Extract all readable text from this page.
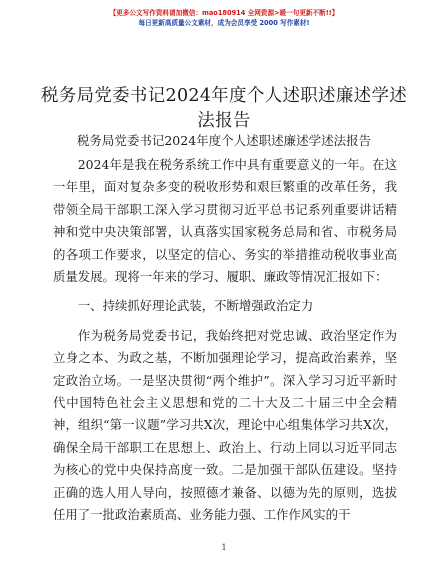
【更多公文写作资料请加微信：mao180914 全网资源>暖一句更新不断!!】
每日更新高质量公文素材，成为会员享受 2000 写作素材!
税务局党委书记2024年度个人述职述廉述学述法报告
税务局党委书记2024年度个人述职述廉述学述法报告

2024年是我在税务系统工作中具有重要意义的一年。在这一年里，面对复杂多变的税收形势和艰巨繁重的改革任务，我带领全局干部职工深入学习贯彻习近平总书记系列重要讲话精神和党中央决策部署，认真落实国家税务总局和省、市税务局的各项工作要求，以坚定的信心、务实的举措推动税收事业高质量发展。现将一年来的学习、履职、廉政等情况汇报如下：

一、持续抓好理论武装，不断增强政治定力

作为税务局党委书记，我始终把对党忠诚、政治坚定作为立身之本、为政之基，不断加强理论学习，提高政治素养，坚定政治立场。一是坚决贯彻“两个维护”。深入学习习近平新时代中国特色社会主义思想和党的二十大及二十届三中全会精神，组织“第一议题”学习共X次，理论中心组集体学习共X次，确保全局干部职工在思想上、政治上、行动上同以习近平同志为核心的党中央保持高度一致。二是加强干部队伍建设。坚持正确的选人用人导向，按照德才兼备、以德为先的原则，选拔任用了一批政治素质高、业务能力强、工作作风实的干

1
